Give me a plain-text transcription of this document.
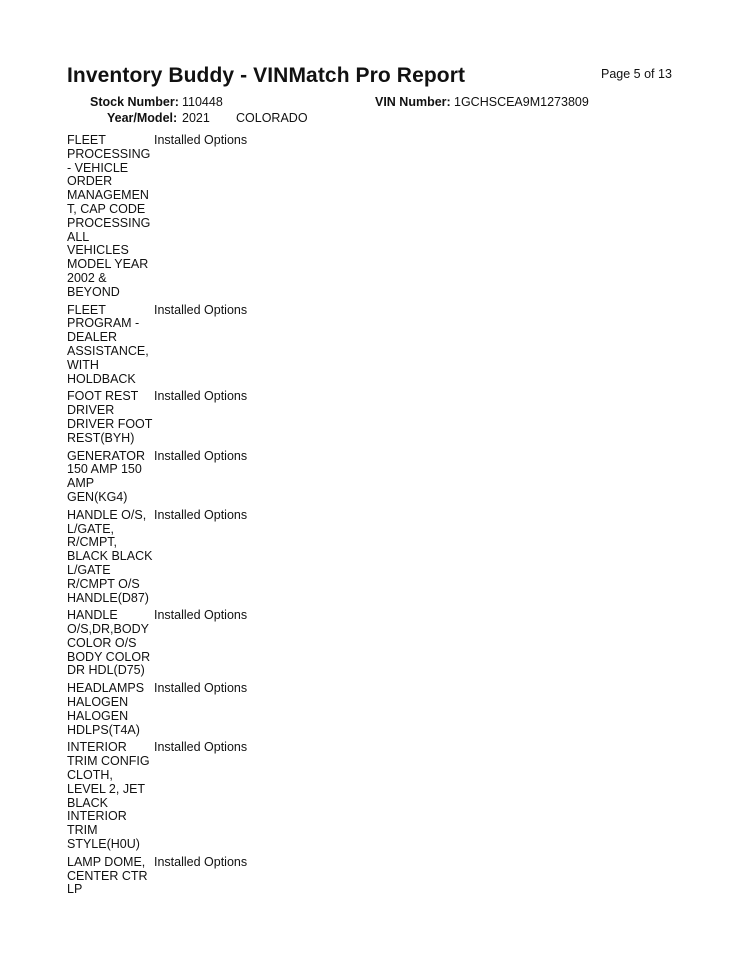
Inventory Buddy - VINMatch Pro Report	Page 5 of 13
Stock Number: 110448	VIN Number: 1GCHSCEA9M1273809
Year/Model: 2021 COLORADO
FLEET
PROCESSING
- VEHICLE
ORDER
MANAGEMEN
T, CAP CODE
PROCESSING
ALL VEHICLES
MODEL YEAR
2002 &
BEYOND
Installed Options
FLEET
PROGRAM -
DEALER
ASSISTANCE,
WITH
HOLDBACK
Installed Options
FOOT REST
DRIVER
DRIVER FOOT
REST(BYH)
Installed Options
GENERATOR
150 AMP 150
AMP
GEN(KG4)
Installed Options
HANDLE O/S,
L/GATE,
R/CMPT,
BLACK BLACK
L/GATE
R/CMPT O/S
HANDLE(D87)
Installed Options
HANDLE
O/S,DR,BODY
COLOR O/S
BODY COLOR
DR HDL(D75)
Installed Options
HEADLAMPS
HALOGEN
HALOGEN
HDLPS(T4A)
Installed Options
INTERIOR
TRIM CONFIG
CLOTH,
LEVEL 2, JET
BLACK
INTERIOR
TRIM
STYLE(H0U)
Installed Options
LAMP DOME,
CENTER CTR
LP
Installed Options
